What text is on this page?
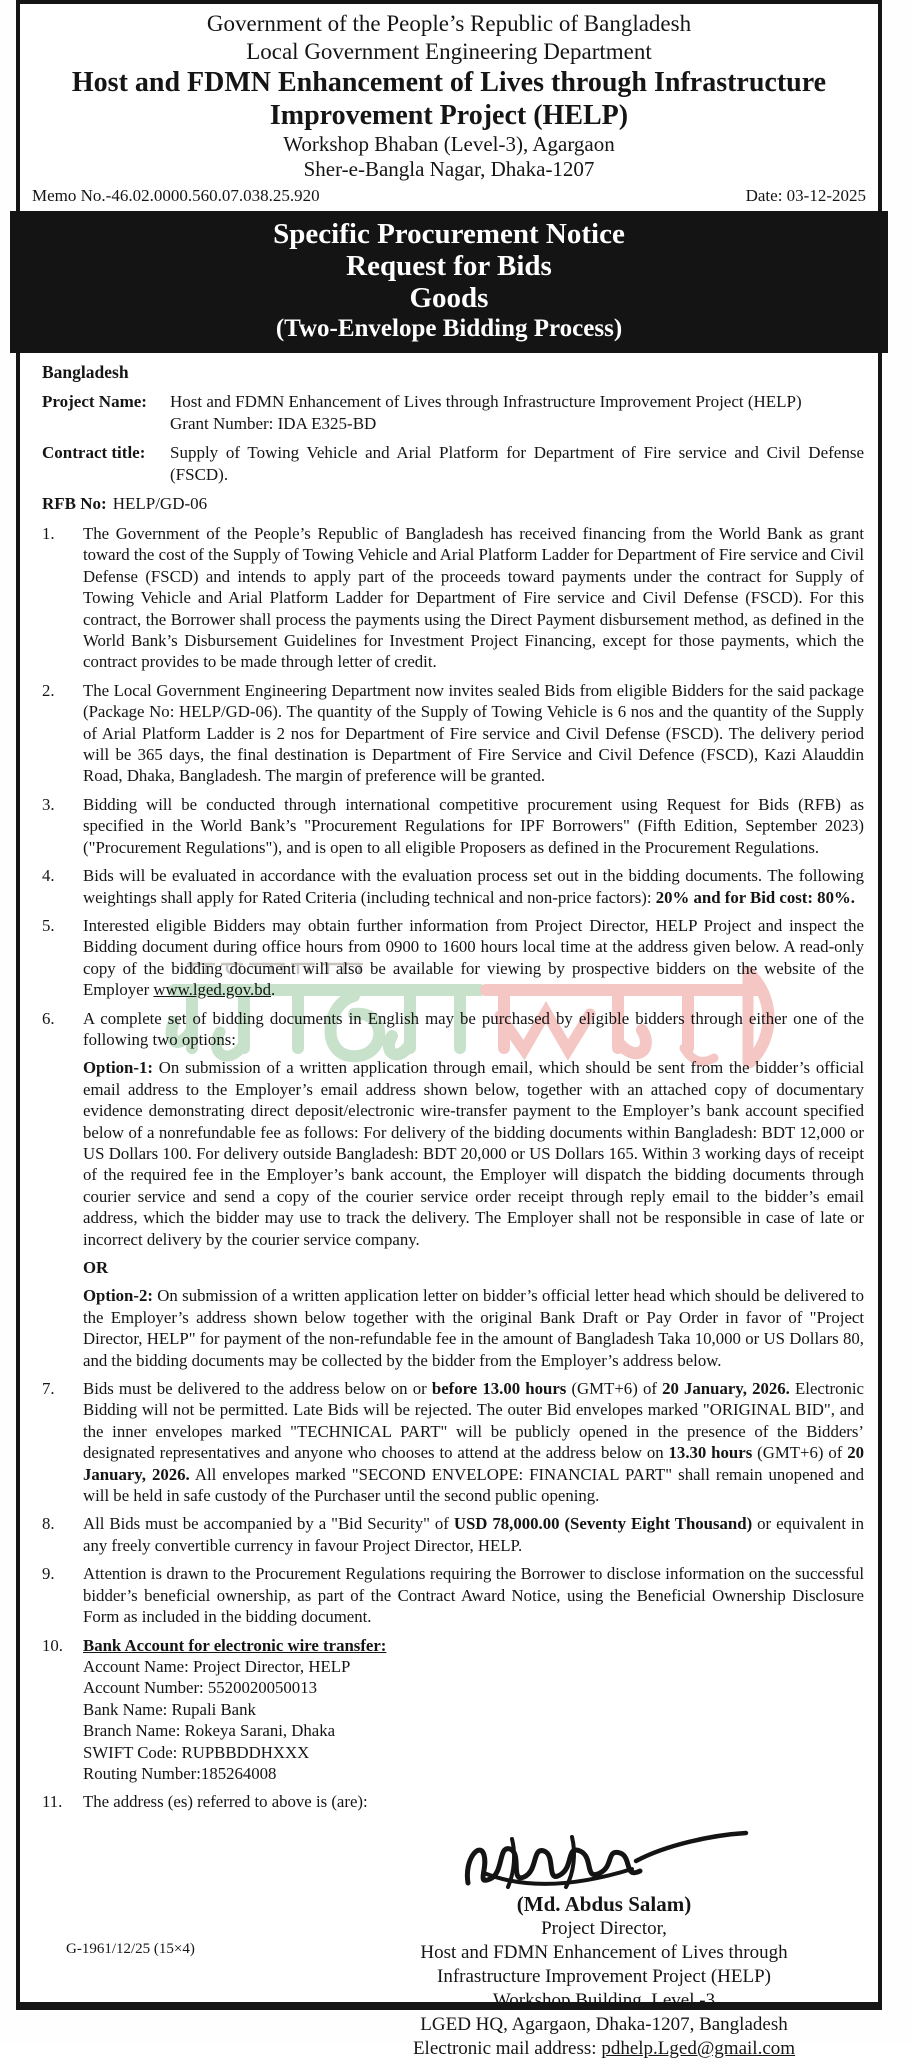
Government of the People’s Republic of Bangladesh
Local Government Engineering Department
Host and FDMN Enhancement of Lives through Infrastructure
Improvement Project (HELP)
Workshop Bhaban (Level-3), Agargaon
Sher-e-Bangla Nagar, Dhaka-1207
Memo No.-46.02.0000.560.07.038.25.920	Date: 03-12-2025
Specific Procurement Notice
Request for Bids
Goods
(Two-Envelope Bidding Process)
Bangladesh
Project Name:	Host and FDMN Enhancement of Lives through Infrastructure Improvement Project (HELP)
Grant Number: IDA E325-BD
Contract title:	Supply of Towing Vehicle and Arial Platform for Department of Fire service and Civil Defense (FSCD).
RFB No: HELP/GD-06
1.	The Government of the People’s Republic of Bangladesh has received financing from the World Bank as grant toward the cost of the Supply of Towing Vehicle and Arial Platform Ladder for Department of Fire service and Civil Defense (FSCD) and intends to apply part of the proceeds toward payments under the contract for Supply of Towing Vehicle and Arial Platform Ladder for Department of Fire service and Civil Defense (FSCD). For this contract, the Borrower shall process the payments using the Direct Payment disbursement method, as defined in the World Bank’s Disbursement Guidelines for Investment Project Financing, except for those payments, which the contract provides to be made through letter of credit.
2.	The Local Government Engineering Department now invites sealed Bids from eligible Bidders for the said package (Package No: HELP/GD-06). The quantity of the Supply of Towing Vehicle is 6 nos and the quantity of the Supply of Arial Platform Ladder is 2 nos for Department of Fire service and Civil Defense (FSCD). The delivery period will be 365 days, the final destination is Department of Fire Service and Civil Defence (FSCD), Kazi Alauddin Road, Dhaka, Bangladesh. The margin of preference will be granted.
3.	Bidding will be conducted through international competitive procurement using Request for Bids (RFB) as specified in the World Bank’s "Procurement Regulations for IPF Borrowers" (Fifth Edition, September 2023) ("Procurement Regulations"), and is open to all eligible Proposers as defined in the Procurement Regulations.
4.	Bids will be evaluated in accordance with the evaluation process set out in the bidding documents. The following weightings shall apply for Rated Criteria (including technical and non-price factors): 20% and for Bid cost: 80%.
5.	Interested eligible Bidders may obtain further information from Project Director, HELP Project and inspect the Bidding document during office hours from 0900 to 1600 hours local time at the address given below. A read-only copy of the bidding document will also be available for viewing by prospective bidders on the website of the Employer www.lged.gov.bd.
6.	A complete set of bidding documents in English may be purchased by eligible bidders through either one of the following two options:
Option-1: On submission of a written application through email, which should be sent from the bidder’s official email address to the Employer’s email address shown below, together with an attached copy of documentary evidence demonstrating direct deposit/electronic wire-transfer payment to the Employer’s bank account specified below of a nonrefundable fee as follows: For delivery of the bidding documents within Bangladesh: BDT 12,000 or US Dollars 100. For delivery outside Bangladesh: BDT 20,000 or US Dollars 165. Within 3 working days of receipt of the required fee in the Employer’s bank account, the Employer will dispatch the bidding documents through courier service and send a copy of the courier service order receipt through reply email to the bidder’s email address, which the bidder may use to track the delivery. The Employer shall not be responsible in case of late or incorrect delivery by the courier service company.
OR
Option-2: On submission of a written application letter on bidder’s official letter head which should be delivered to the Employer’s address shown below together with the original Bank Draft or Pay Order in favor of "Project Director, HELP" for payment of the non-refundable fee in the amount of Bangladesh Taka 10,000 or US Dollars 80, and the bidding documents may be collected by the bidder from the Employer’s address below.
7.	Bids must be delivered to the address below on or before 13.00 hours (GMT+6) of 20 January, 2026. Electronic Bidding will not be permitted. Late Bids will be rejected. The outer Bid envelopes marked "ORIGINAL BID", and the inner envelopes marked "TECHNICAL PART" will be publicly opened in the presence of the Bidders’ designated representatives and anyone who chooses to attend at the address below on 13.30 hours (GMT+6) of 20 January, 2026. All envelopes marked "SECOND ENVELOPE: FINANCIAL PART" shall remain unopened and will be held in safe custody of the Purchaser until the second public opening.
8.	All Bids must be accompanied by a "Bid Security" of USD 78,000.00 (Seventy Eight Thousand) or equivalent in any freely convertible currency in favour Project Director, HELP.
9.	Attention is drawn to the Procurement Regulations requiring the Borrower to disclose information on the successful bidder’s beneficial ownership, as part of the Contract Award Notice, using the Beneficial Ownership Disclosure Form as included in the bidding document.
10.	Bank Account for electronic wire transfer:
Account Name: Project Director, HELP
Account Number: 5520020050013
Bank Name: Rupali Bank
Branch Name: Rokeya Sarani, Dhaka
SWIFT Code: RUPBBDDHXXX
Routing Number:185264008
11.	The address (es) referred to above is (are):
(Md. Abdus Salam)
Project Director,
Host and FDMN Enhancement of Lives through
Infrastructure Improvement Project (HELP)
Workshop Building, Level -3
LGED HQ, Agargaon, Dhaka-1207, Bangladesh
Electronic mail address: pdhelp.Lged@gmail.com
G-1961/12/25 (15×4)
